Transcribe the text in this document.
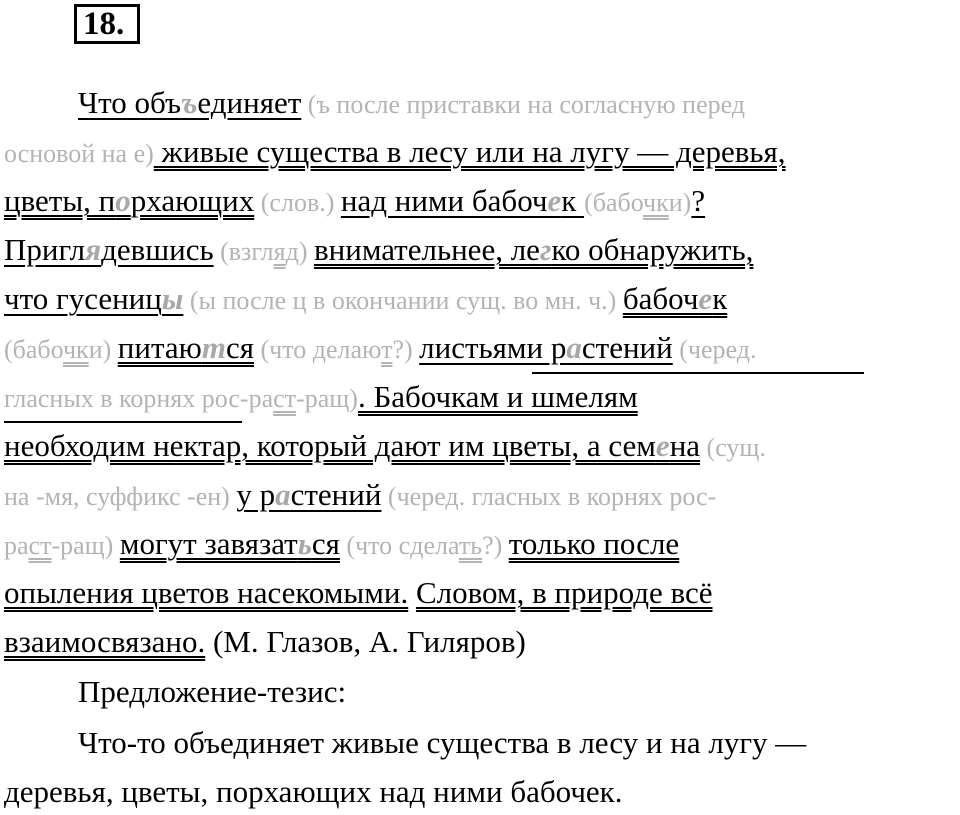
18.
Что объъединяет (ъ после приставки на согласную перед
основой на е) живые существа в лесу или на лугу — деревья,
цветы, порхающих (слов.) над ними бабочек (бабочки)?
Приглядевшись (взгляд) внимательнее, легко обнаружить,
что гусеницы (ы после ц в окончании сущ. во мн. ч.) бабочек
(бабочки) питаются (что делают?) листьями растений (черед.
гласных в корнях рос-раст-ращ). Бабочкам и шмелям
необходим нектар, который дают им цветы, а семена (сущ.
на -мя, суффикс -ен) у растений (черед. гласных в корнях рос-
раст-ращ) могут завязаться (что сделать?) только после
опыления цветов насекомыми. Словом, в природе всё
взаимосвязано. (М. Глазов, А. Гиляров)
Предложение-тезис:
Что-то объединяет живые существа в лесу и на лугу —
деревья, цветы, порхающих над ними бабочек.
